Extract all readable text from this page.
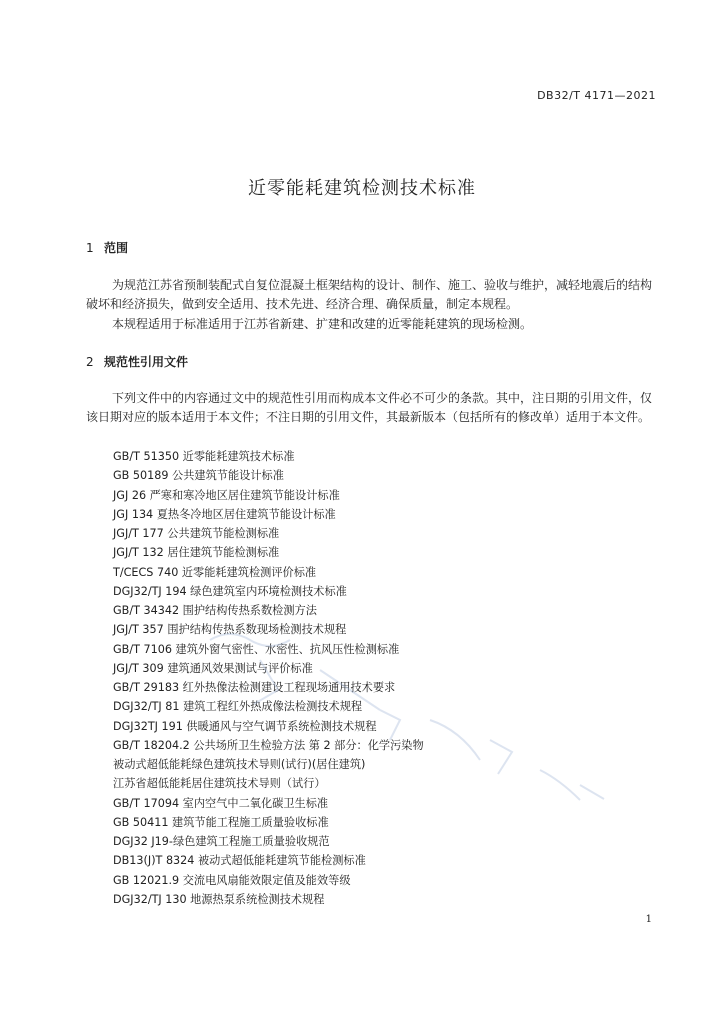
DB32/T 4171—2021
近零能耗建筑检测技术标准
1 范围

为规范江苏省预制装配式自复位混凝土框架结构的设计、制作、施工、验收与维护，减轻地震后的结构破坏和经济损失，做到安全适用、技术先进、经济合理、确保质量，制定本规程。

本规程适用于标准适用于江苏省新建、扩建和改建的近零能耗建筑的现场检测。

2 规范性引用文件

下列文件中的内容通过文中的规范性引用而构成本文件必不可少的条款。其中，注日期的引用文件，仅该日期对应的版本适用于本文件；不注日期的引用文件，其最新版本（包括所有的修改单）适用于本文件。

GB/T 51350 近零能耗建筑技术标准
GB 50189 公共建筑节能设计标准
JGJ 26 严寒和寒冷地区居住建筑节能设计标准
JGJ 134 夏热冬冷地区居住建筑节能设计标准
JGJ/T 177 公共建筑节能检测标准
JGJ/T 132 居住建筑节能检测标准
T/CECS 740 近零能耗建筑检测评价标准
DGJ32/TJ 194 绿色建筑室内环境检测技术标准
GB/T 34342 围护结构传热系数检测方法
JGJ/T 357 围护结构传热系数现场检测技术规程
GB/T 7106 建筑外窗气密性、水密性、抗风压性检测标准
JGJ/T 309 建筑通风效果测试与评价标准
GB/T 29183 红外热像法检测建设工程现场通用技术要求
DGJ32/TJ 81 建筑工程红外热成像法检测技术规程
DGJ32TJ 191 供暖通风与空气调节系统检测技术规程
GB/T 18204.2 公共场所卫生检验方法 第 2 部分：化学污染物
被动式超低能耗绿色建筑技术导则(试行)(居住建筑)
江苏省超低能耗居住建筑技术导则（试行）
GB/T 17094 室内空气中二氧化碳卫生标准
GB 50411 建筑节能工程施工质量验收标准
DGJ32 J19-绿色建筑工程施工质量验收规范
DB13(J)T 8324 被动式超低能耗建筑节能检测标准
GB 12021.9 交流电风扇能效限定值及能效等级
DGJ32/TJ 130 地源热泵系统检测技术规程
1
